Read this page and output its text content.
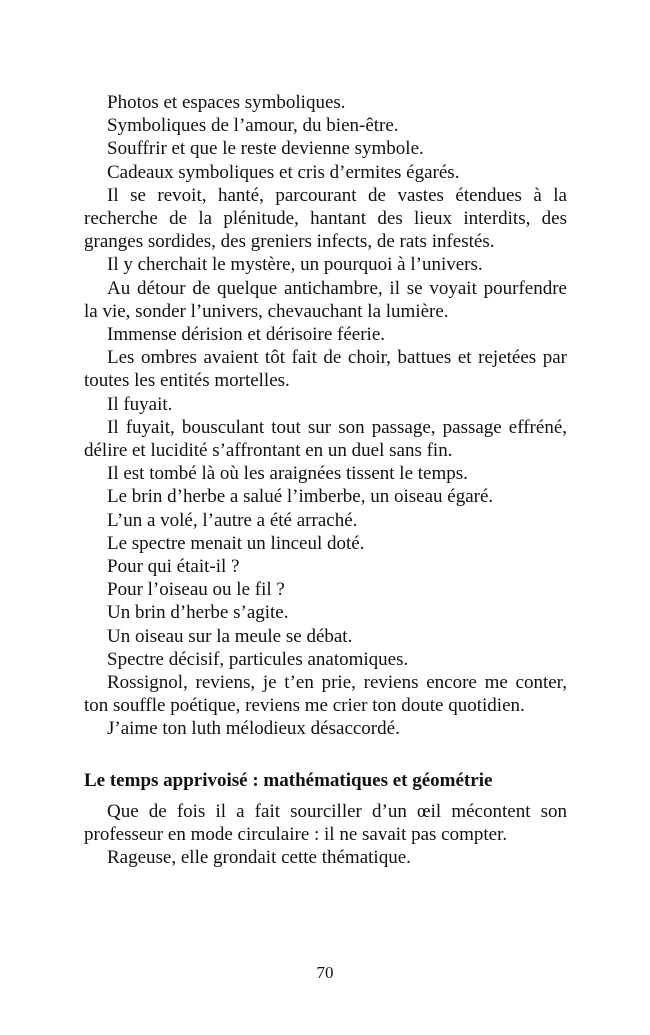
Photos et espaces symboliques.

Symboliques de l’amour, du bien-être.

Souffrir et que le reste devienne symbole.

Cadeaux symboliques et cris d’ermites égarés.

Il se revoit, hanté, parcourant de vastes étendues à la recherche de la plénitude, hantant des lieux interdits, des granges sordides, des greniers infects, de rats infestés.

Il y cherchait le mystère, un pourquoi à l’univers.

Au détour de quelque antichambre, il se voyait pourfendre la vie, sonder l’univers, chevauchant la lumière.

Immense dérision et dérisoire féerie.

Les ombres avaient tôt fait de choir, battues et rejetées par toutes les entités mortelles.

Il fuyait.

Il fuyait, bousculant tout sur son passage, passage effréné, délire et lucidité s’affrontant en un duel sans fin.

Il est tombé là où les araignées tissent le temps.

Le brin d’herbe a salué l’imberbe, un oiseau égaré.

L’un a volé, l’autre a été arraché.

Le spectre menait un linceul doté.

Pour qui était-il ?

Pour l’oiseau ou le fil ?

Un brin d’herbe s’agite.

Un oiseau sur la meule se débat.

Spectre décisif, particules anatomiques.

Rossignol, reviens, je t’en prie, reviens encore me conter, ton souffle poétique, reviens me crier ton doute quotidien.

J’aime ton luth mélodieux désaccordé.

Le temps apprivoisé : mathématiques et géométrie

Que de fois il a fait sourciller d’un œil mécontent son professeur en mode circulaire : il ne savait pas compter.

Rageuse, elle grondait cette thématique.

70
